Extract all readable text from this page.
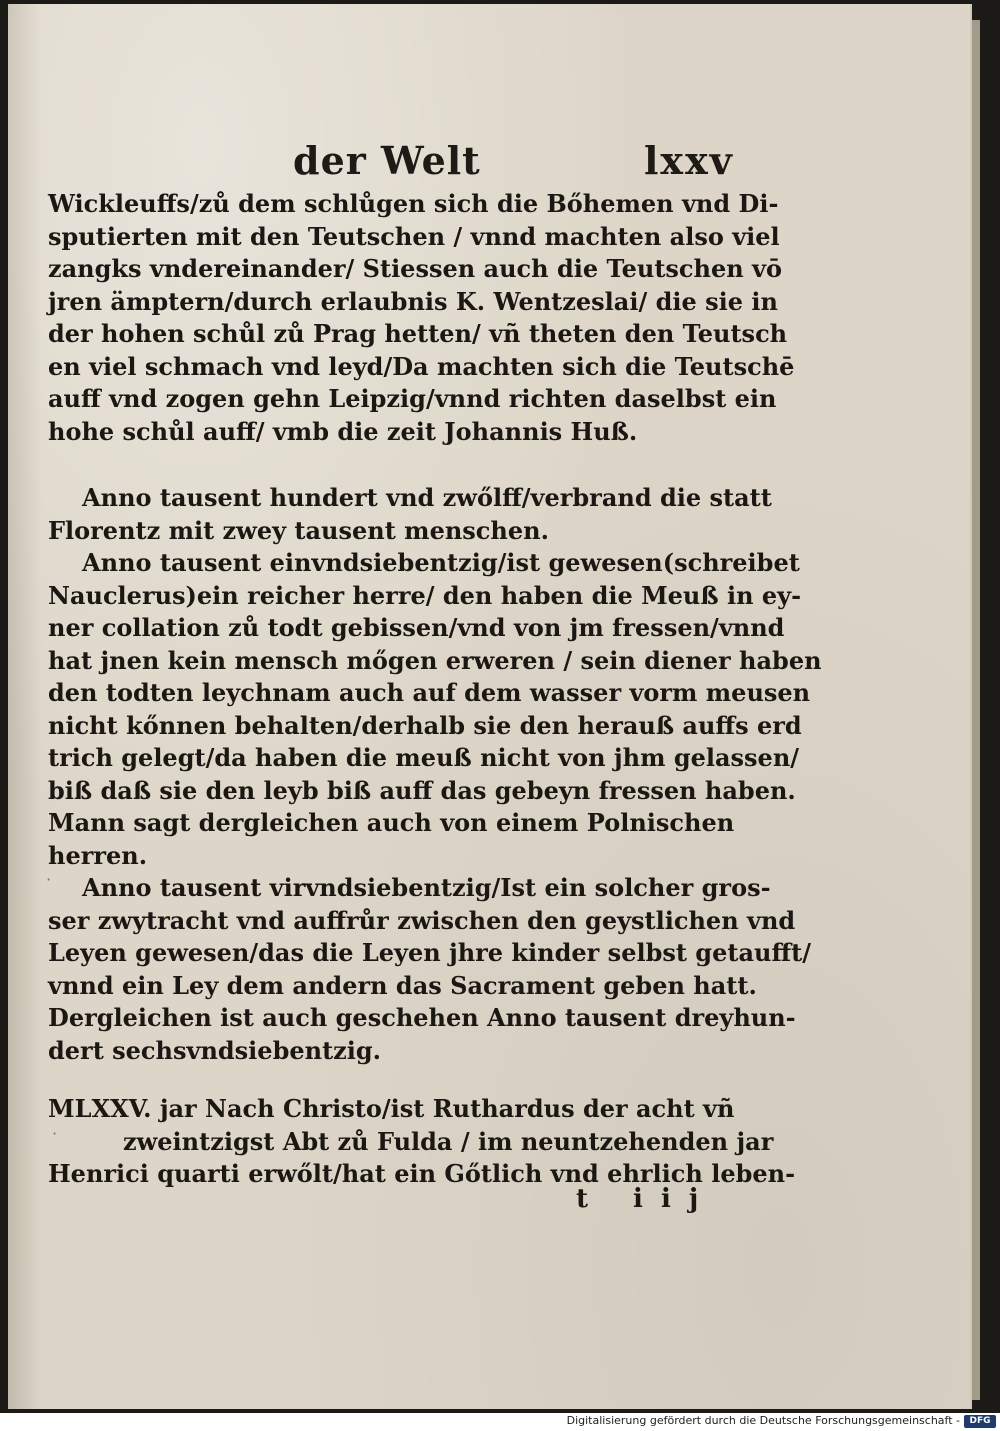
der Welt	lxxv
Wickleuffs/zů dem schlůgen sich die Bőhemen vnd Di-
sputierten mit den Teutschen / vnnd machten also viel
zangks vndereinander/ Stiessen auch die Teutschen vō
jren ämptern/durch erlaubnis K. Wentzeslai/ die sie in
der hohen schůl zů Prag hetten/ vñ theten den Teutsch
en viel schmach vnd leyd/Da machten sich die Teutschē
auff vnd zogen gehn Leipzig/vnnd richten daselbst ein
hohe schůl auff/ vmb die zeit Johannis Huß.
Anno tausent hundert vnd zwőlff/verbrand die statt
Florentz mit zwey tausent menschen.
Anno tausent einvndsiebentzig/ist gewesen(schreibet
Nauclerus)ein reicher herre/ den haben die Meuß in ey-
ner collation zů todt gebissen/vnd von jm fressen/vnnd
hat jnen kein mensch mőgen erweren / sein diener haben
den todten leychnam auch auf dem wasser vorm meusen
nicht kőnnen behalten/derhalb sie den herauß auffs erd
trich gelegt/da haben die meuß nicht von jhm gelassen/
biß daß sie den leyb biß auff das gebeyn fressen haben.
Mann sagt dergleichen auch von einem Polnischen
herren.
Anno tausent virvndsiebentzig/Ist ein solcher gros-
ser zwytracht vnd auffrůr zwischen den geystlichen vnd
Leyen gewesen/das die Leyen jhre kinder selbst getaufft/
vnnd ein Ley dem andern das Sacrament geben hatt.
Dergleichen ist auch geschehen Anno tausent dreyhun-
dert sechsvndsiebentzig.
MLXXV. jar Nach Christo/ist Ruthardus der acht vñ
zweintzigst Abt zů Fulda / im neuntzehenden jar
Henrici quarti erwőlt/hat ein Gőtlich vnd ehrlich leben-
·
·
t iij
Digitalisierung gefördert durch die Deutsche Forschungsgemeinschaft -	DFG
